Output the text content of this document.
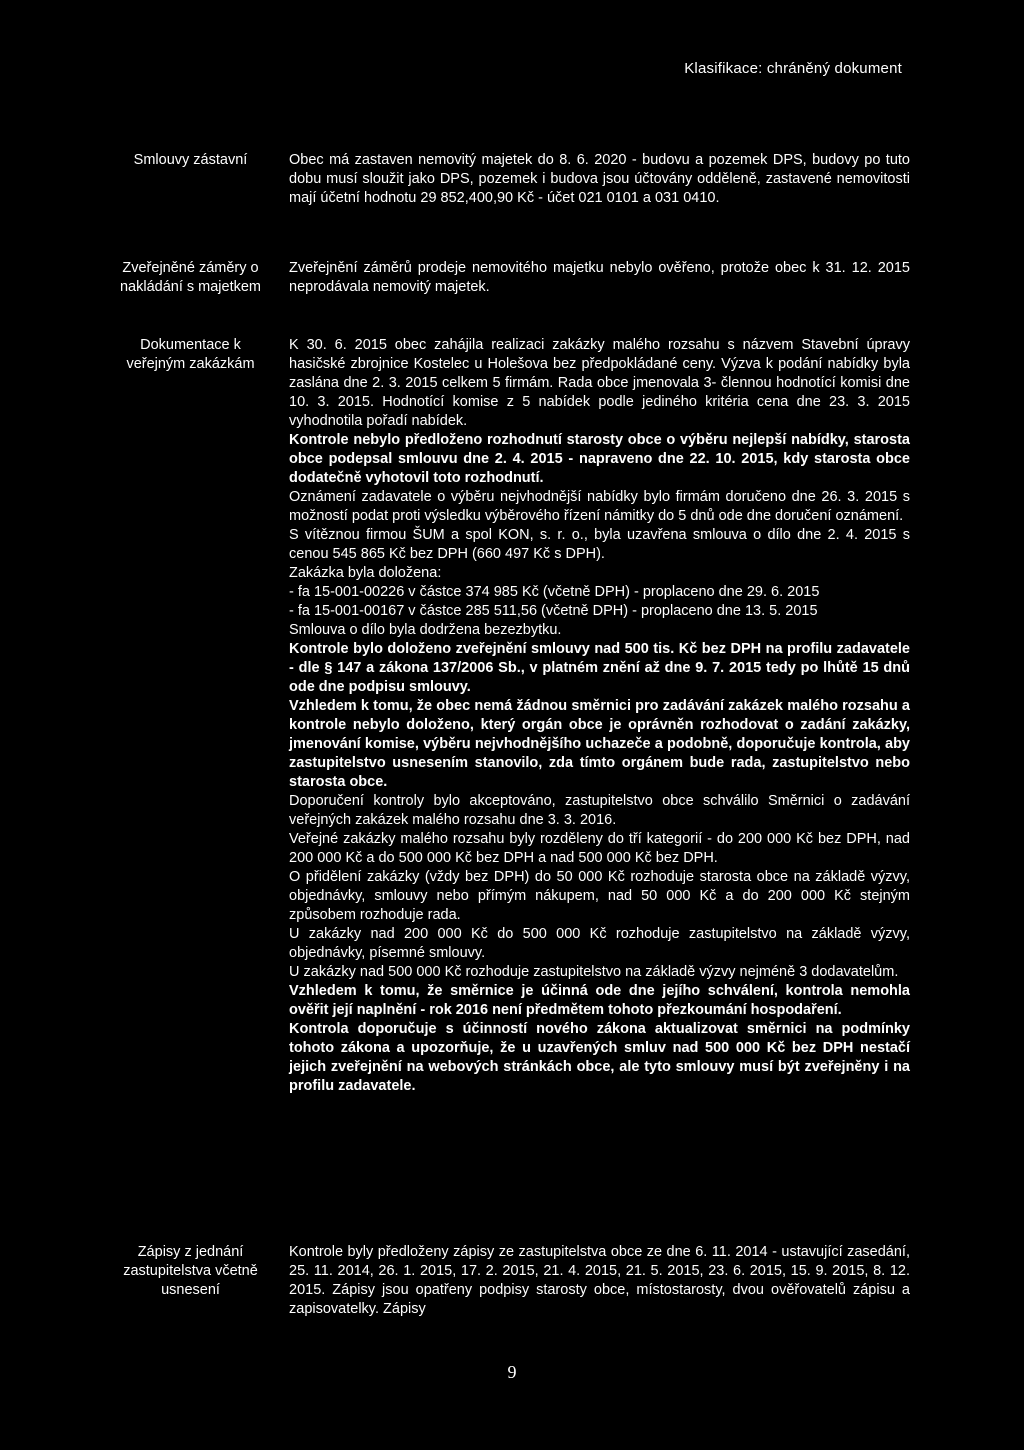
Klasifikace: chráněný dokument
Smlouvy zástavní	Obec má zastaven nemovitý majetek do 8. 6. 2020 - budovu a pozemek DPS, budovy po tuto dobu musí sloužit jako DPS, pozemek i budova jsou účtovány odděleně, zastavené nemovitosti mají účetní hodnotu 29 852,400,90 Kč - účet 021 0101 a 031 0410.

Zveřejněné záměry o nakládání s majetkem

Zveřejnění záměrů prodeje nemovitého majetku nebylo ověřeno, protože obec k 31. 12. 2015 neprodávala nemovitý majetek.

Dokumentace k veřejným zakázkám

K 30. 6. 2015 obec zahájila realizaci zakázky malého rozsahu s názvem Stavební úpravy hasičské zbrojnice Kostelec u Holešova bez předpokládané ceny. Výzva k podání nabídky byla zaslána dne 2. 3. 2015 celkem 5 firmám. Rada obce jmenovala 3- člennou hodnotící komisi dne 10. 3. 2015. Hodnotící komise z 5 nabídek podle jediného kritéria cena dne 23. 3. 2015 vyhodnotila pořadí nabídek.

Kontrole nebylo předloženo rozhodnutí starosty obce o výběru nejlepší nabídky, starosta obce podepsal smlouvu dne 2. 4. 2015 - napraveno dne 22. 10. 2015, kdy starosta obce dodatečně vyhotovil toto rozhodnutí.

Oznámení zadavatele o výběru nejvhodnější nabídky bylo firmám doručeno dne 26. 3. 2015 s možností podat proti výsledku výběrového řízení námitky do 5 dnů ode dne doručení oznámení.

S vítěznou firmou ŠUM a spol KON, s. r. o., byla uzavřena smlouva o dílo dne 2. 4. 2015 s cenou 545 865 Kč bez DPH (660 497 Kč s DPH).

Zakázka byla doložena:

- fa 15-001-00226 v částce 374 985 Kč (včetně DPH) - proplaceno dne 29. 6. 2015

- fa 15-001-00167 v částce 285 511,56 (včetně DPH) - proplaceno dne 13. 5. 2015

Smlouva o dílo byla dodržena bezezbytku.

Kontrole bylo doloženo zveřejnění smlouvy nad 500 tis. Kč bez DPH na profilu zadavatele - dle § 147 a zákona 137/2006 Sb., v platném znění až dne 9. 7. 2015 tedy po lhůtě 15 dnů ode dne podpisu smlouvy.

Vzhledem k tomu, že obec nemá žádnou směrnici pro zadávání zakázek malého rozsahu a kontrole nebylo doloženo, který orgán obce je oprávněn rozhodovat o zadání zakázky, jmenování komise, výběru nejvhodnějšího uchazeče a podobně, doporučuje kontrola, aby zastupitelstvo usnesením stanovilo, zda tímto orgánem bude rada, zastupitelstvo nebo starosta obce.

Doporučení kontroly bylo akceptováno, zastupitelstvo obce schválilo Směrnici o zadávání veřejných zakázek malého rozsahu dne 3. 3. 2016.

Veřejné zakázky malého rozsahu byly rozděleny do tří kategorií - do 200 000 Kč bez DPH, nad 200 000 Kč a do 500 000 Kč bez DPH a nad 500 000 Kč bez DPH.

O přidělení zakázky (vždy bez DPH) do 50 000 Kč rozhoduje starosta obce na základě výzvy, objednávky, smlouvy nebo přímým nákupem, nad 50 000 Kč a do 200 000 Kč stejným způsobem rozhoduje rada.

U zakázky nad 200 000 Kč do 500 000 Kč rozhoduje zastupitelstvo na základě výzvy, objednávky, písemné smlouvy.

U zakázky nad 500 000 Kč rozhoduje zastupitelstvo na základě výzvy nejméně 3 dodavatelům.

Vzhledem k tomu, že směrnice je účinná ode dne jejího schválení, kontrola nemohla ověřit její naplnění - rok 2016 není předmětem tohoto přezkoumání hospodaření.

Kontrola doporučuje s účinností nového zákona aktualizovat směrnici na podmínky tohoto zákona a upozorňuje, že u uzavřených smluv nad 500 000 Kč bez DPH nestačí jejich zveřejnění na webových stránkách obce, ale tyto smlouvy musí být zveřejněny i na profilu zadavatele.

Zápisy z jednání zastupitelstva včetně usnesení

Kontrole byly předloženy zápisy ze zastupitelstva obce ze dne 6. 11. 2014 - ustavující zasedání, 25. 11. 2014, 26. 1. 2015, 17. 2. 2015, 21. 4. 2015, 21. 5. 2015, 23. 6. 2015, 15. 9. 2015, 8. 12. 2015. Zápisy jsou opatřeny podpisy starosty obce, místostarosty, dvou ověřovatelů zápisu a zapisovatelky. Zápisy

9
